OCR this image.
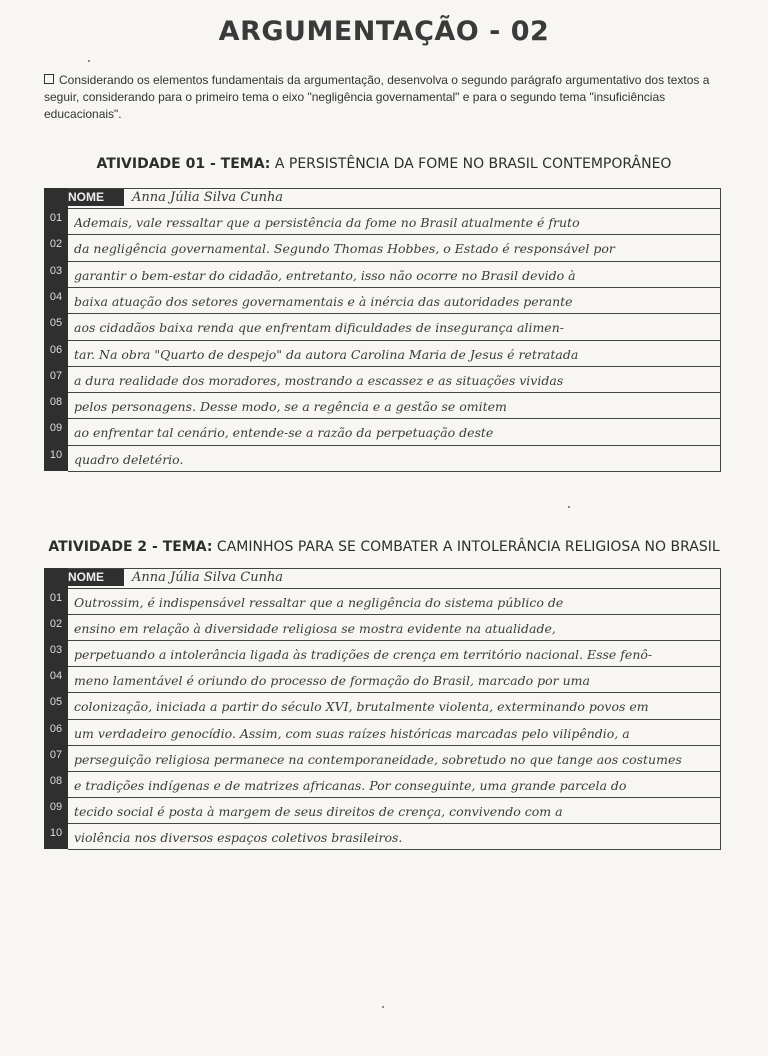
ARGUMENTAÇÃO - 02
Considerando os elementos fundamentais da argumentação, desenvolva o segundo parágrafo argumentativo dos textos a seguir, considerando para o primeiro tema o eixo "negligência governamental" e para o segundo tema "insuficiências educacionais".
ATIVIDADE 01 - TEMA: A PERSISTÊNCIA DA FOME NO BRASIL CONTEMPORÂNEO
NOME	Anna Júlia Silva Cunha
01 Ademais, vale ressaltar que a persistência da fome no Brasil atualmente é fruto
02 da negligência governamental. Segundo Thomas Hobbes, o Estado é responsável por
03 garantir o bem-estar do cidadão, entretanto, isso não ocorre no Brasil devido à
04 baixa atuação dos setores governamentais e à inércia das autoridades perante
05 aos cidadãos baixa renda que enfrentam dificuldades de insegurança alimen-
06 tar. Na obra "Quarto de despejo" da autora Carolina Maria de Jesus é retratada
07 a dura realidade dos moradores, mostrando a escassez e as situações vividas
08 pelos personagens. Desse modo, se a regência e a gestão se omitem
09 ao enfrentar tal cenário, entende-se a razão da perpetuação deste
10 quadro deletério.
ATIVIDADE 2 - TEMA: CAMINHOS PARA SE COMBATER A INTOLERÂNCIA RELIGIOSA NO BRASIL
NOME	Anna Júlia Silva Cunha
01 Outrossim, é indispensável ressaltar que a negligência do sistema público de
02 ensino em relação à diversidade religiosa se mostra evidente na atualidade,
03 perpetuando a intolerância ligada às tradições de crença em território nacional. Esse fenô-
04 meno lamentável é oriundo do processo de formação do Brasil, marcado por uma
05 colonização, iniciada a partir do século XVI, brutalmente violenta, exterminando povos em
06 um verdadeiro genocídio. Assim, com suas raízes históricas marcadas pelo vilipêndio, a
07 perseguição religiosa permanece na contemporaneidade, sobretudo no que tange aos costumes
08 e tradições indígenas e de matrizes africanas. Por conseguinte, uma grande parcela do
09 tecido social é posta à margem de seus direitos de crença, convivendo com a
10 violência nos diversos espaços coletivos brasileiros.
